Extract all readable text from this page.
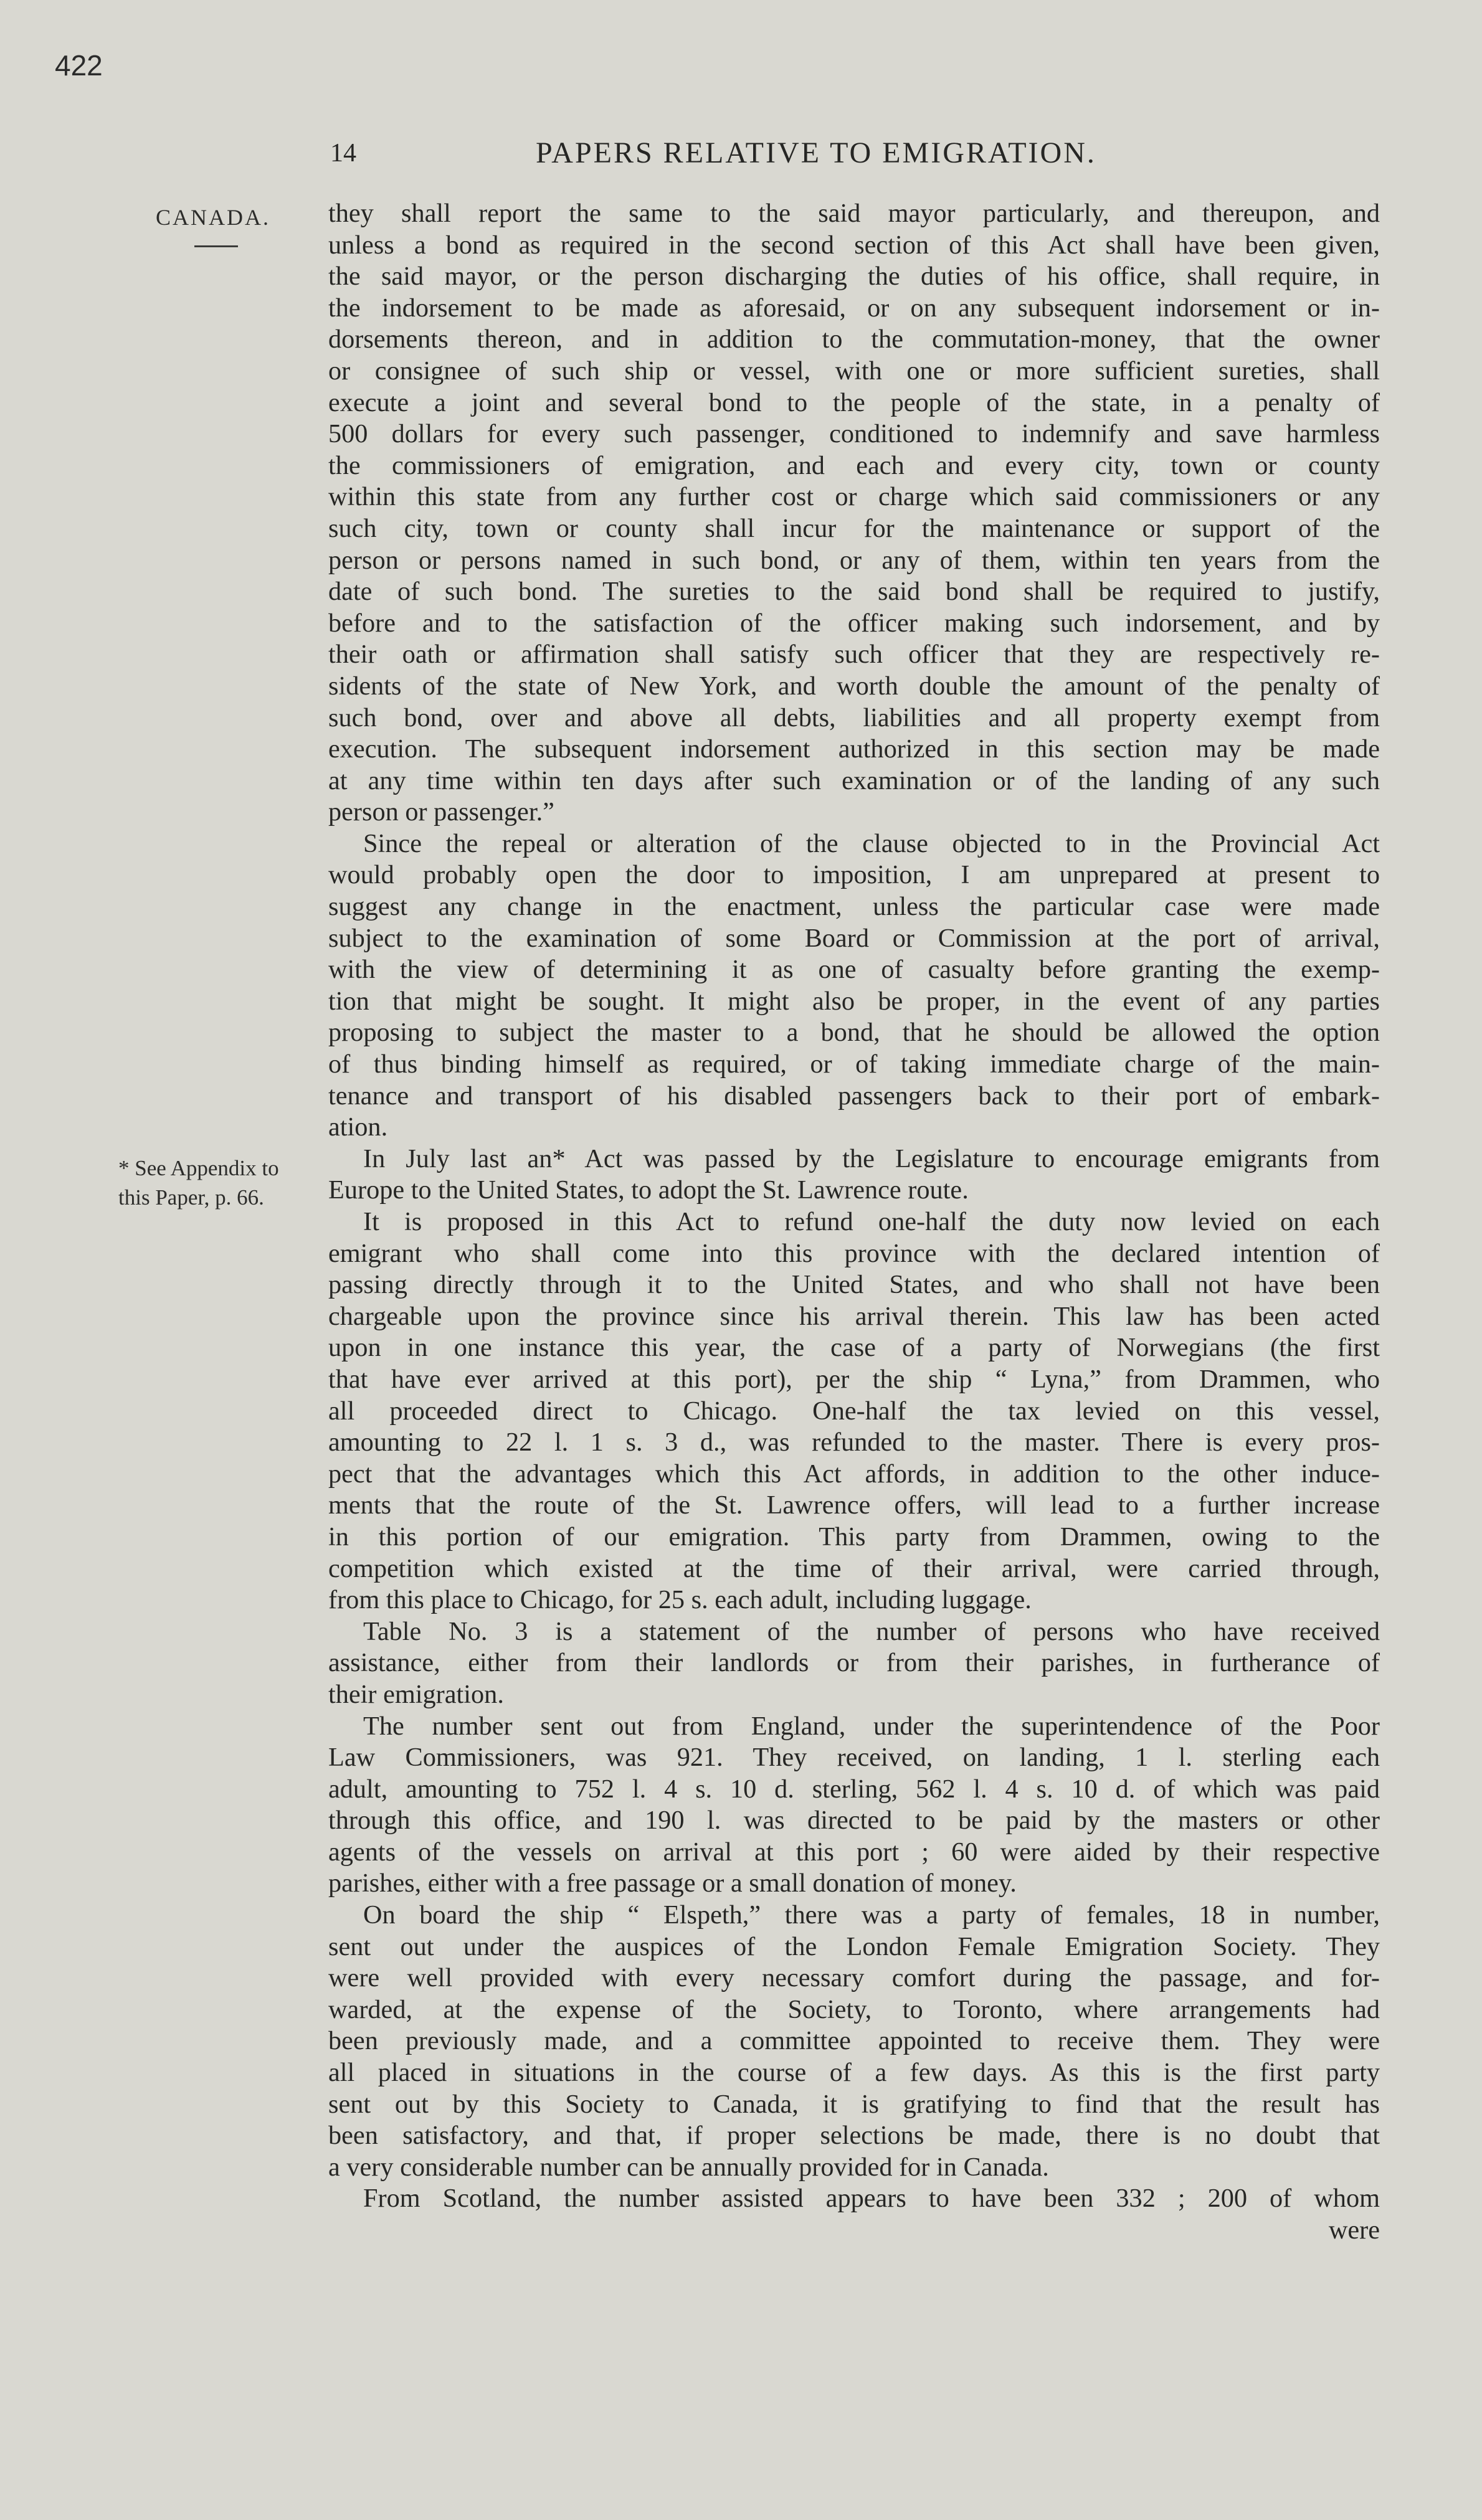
422
14	PAPERS RELATIVE TO EMIGRATION.
CANADA.
* See Appendix to
this Paper, p. 66.
they shall report the same to the said mayor particularly, and thereupon, and
unless a bond as required in the second section of this Act shall have been given,
the said mayor, or the person discharging the duties of his office, shall require, in
the indorsement to be made as aforesaid, or on any subsequent indorsement or in-
dorsements thereon, and in addition to the commutation-money, that the owner
or consignee of such ship or vessel, with one or more sufficient sureties, shall
execute a joint and several bond to the people of the state, in a penalty of
500 dollars for every such passenger, conditioned to indemnify and save harmless
the commissioners of emigration, and each and every city, town or county
within this state from any further cost or charge which said commissioners or any
such city, town or county shall incur for the maintenance or support of the
person or persons named in such bond, or any of them, within ten years from the
date of such bond. The sureties to the said bond shall be required to justify,
before and to the satisfaction of the officer making such indorsement, and by
their oath or affirmation shall satisfy such officer that they are respectively re-
sidents of the state of New York, and worth double the amount of the penalty of
such bond, over and above all debts, liabilities and all property exempt from
execution. The subsequent indorsement authorized in this section may be made
at any time within ten days after such examination or of the landing of any such
person or passenger.”
Since the repeal or alteration of the clause objected to in the Provincial Act
would probably open the door to imposition, I am unprepared at present to
suggest any change in the enactment, unless the particular case were made
subject to the examination of some Board or Commission at the port of arrival,
with the view of determining it as one of casualty before granting the exemp-
tion that might be sought. It might also be proper, in the event of any parties
proposing to subject the master to a bond, that he should be allowed the option
of thus binding himself as required, or of taking immediate charge of the main-
tenance and transport of his disabled passengers back to their port of embark-
ation.
In July last an* Act was passed by the Legislature to encourage emigrants from
Europe to the United States, to adopt the St. Lawrence route.
It is proposed in this Act to refund one-half the duty now levied on each
emigrant who shall come into this province with the declared intention of
passing directly through it to the United States, and who shall not have been
chargeable upon the province since his arrival therein. This law has been acted
upon in one instance this year, the case of a party of Norwegians (the first
that have ever arrived at this port), per the ship “ Lyna,” from Drammen, who
all proceeded direct to Chicago. One-half the tax levied on this vessel,
amounting to 22 l. 1 s. 3 d., was refunded to the master. There is every pros-
pect that the advantages which this Act affords, in addition to the other induce-
ments that the route of the St. Lawrence offers, will lead to a further increase
in this portion of our emigration. This party from Drammen, owing to the
competition which existed at the time of their arrival, were carried through,
from this place to Chicago, for 25 s. each adult, including luggage.
Table No. 3 is a statement of the number of persons who have received
assistance, either from their landlords or from their parishes, in furtherance of
their emigration.
The number sent out from England, under the superintendence of the Poor
Law Commissioners, was 921. They received, on landing, 1 l. sterling each
adult, amounting to 752 l. 4 s. 10 d. sterling, 562 l. 4 s. 10 d. of which was paid
through this office, and 190 l. was directed to be paid by the masters or other
agents of the vessels on arrival at this port ; 60 were aided by their respective
parishes, either with a free passage or a small donation of money.
On board the ship “ Elspeth,” there was a party of females, 18 in number,
sent out under the auspices of the London Female Emigration Society. They
were well provided with every necessary comfort during the passage, and for-
warded, at the expense of the Society, to Toronto, where arrangements had
been previously made, and a committee appointed to receive them. They were
all placed in situations in the course of a few days. As this is the first party
sent out by this Society to Canada, it is gratifying to find that the result has
been satisfactory, and that, if proper selections be made, there is no doubt that
a very considerable number can be annually provided for in Canada.
From Scotland, the number assisted appears to have been 332 ; 200 of whom
were
